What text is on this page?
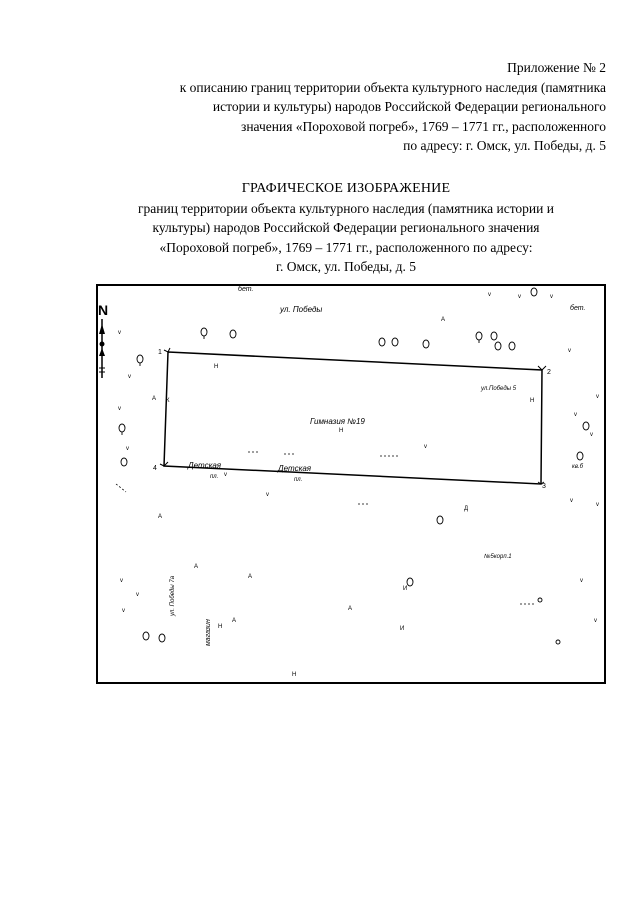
Приложение № 2
к описанию границ территории объекта культурного наследия (памятника
истории и культуры) народов Российской Федерации регионального
значения «Пороховой погреб», 1769 – 1771 гг., расположенного
по адресу: г. Омск, ул. Победы, д. 5
ГРАФИЧЕСКОЕ ИЗОБРАЖЕНИЕ
границ территории объекта культурного наследия (памятника истории и
культуры) народов Российской Федерации регионального значения
«Пороховой погреб», 1769 – 1771 гг., расположенного по адресу:
г. Омск, ул. Победы, д. 5
N
1
2
3
4
ул. Победы
бет.
бет.
ул.Победы 5
Гимназия №19
Детская
пл.
Детская
пл.
ул. Победы 7а
магазин
№5корп.1
кв.б
Н
Н
Н
Н
Н
А
А
А
А
А
А
А
К
И
И
Д
v
v
v
v
v
v
v
v	v	v
v
v
v
v
v
v
v
v
v
v
v
